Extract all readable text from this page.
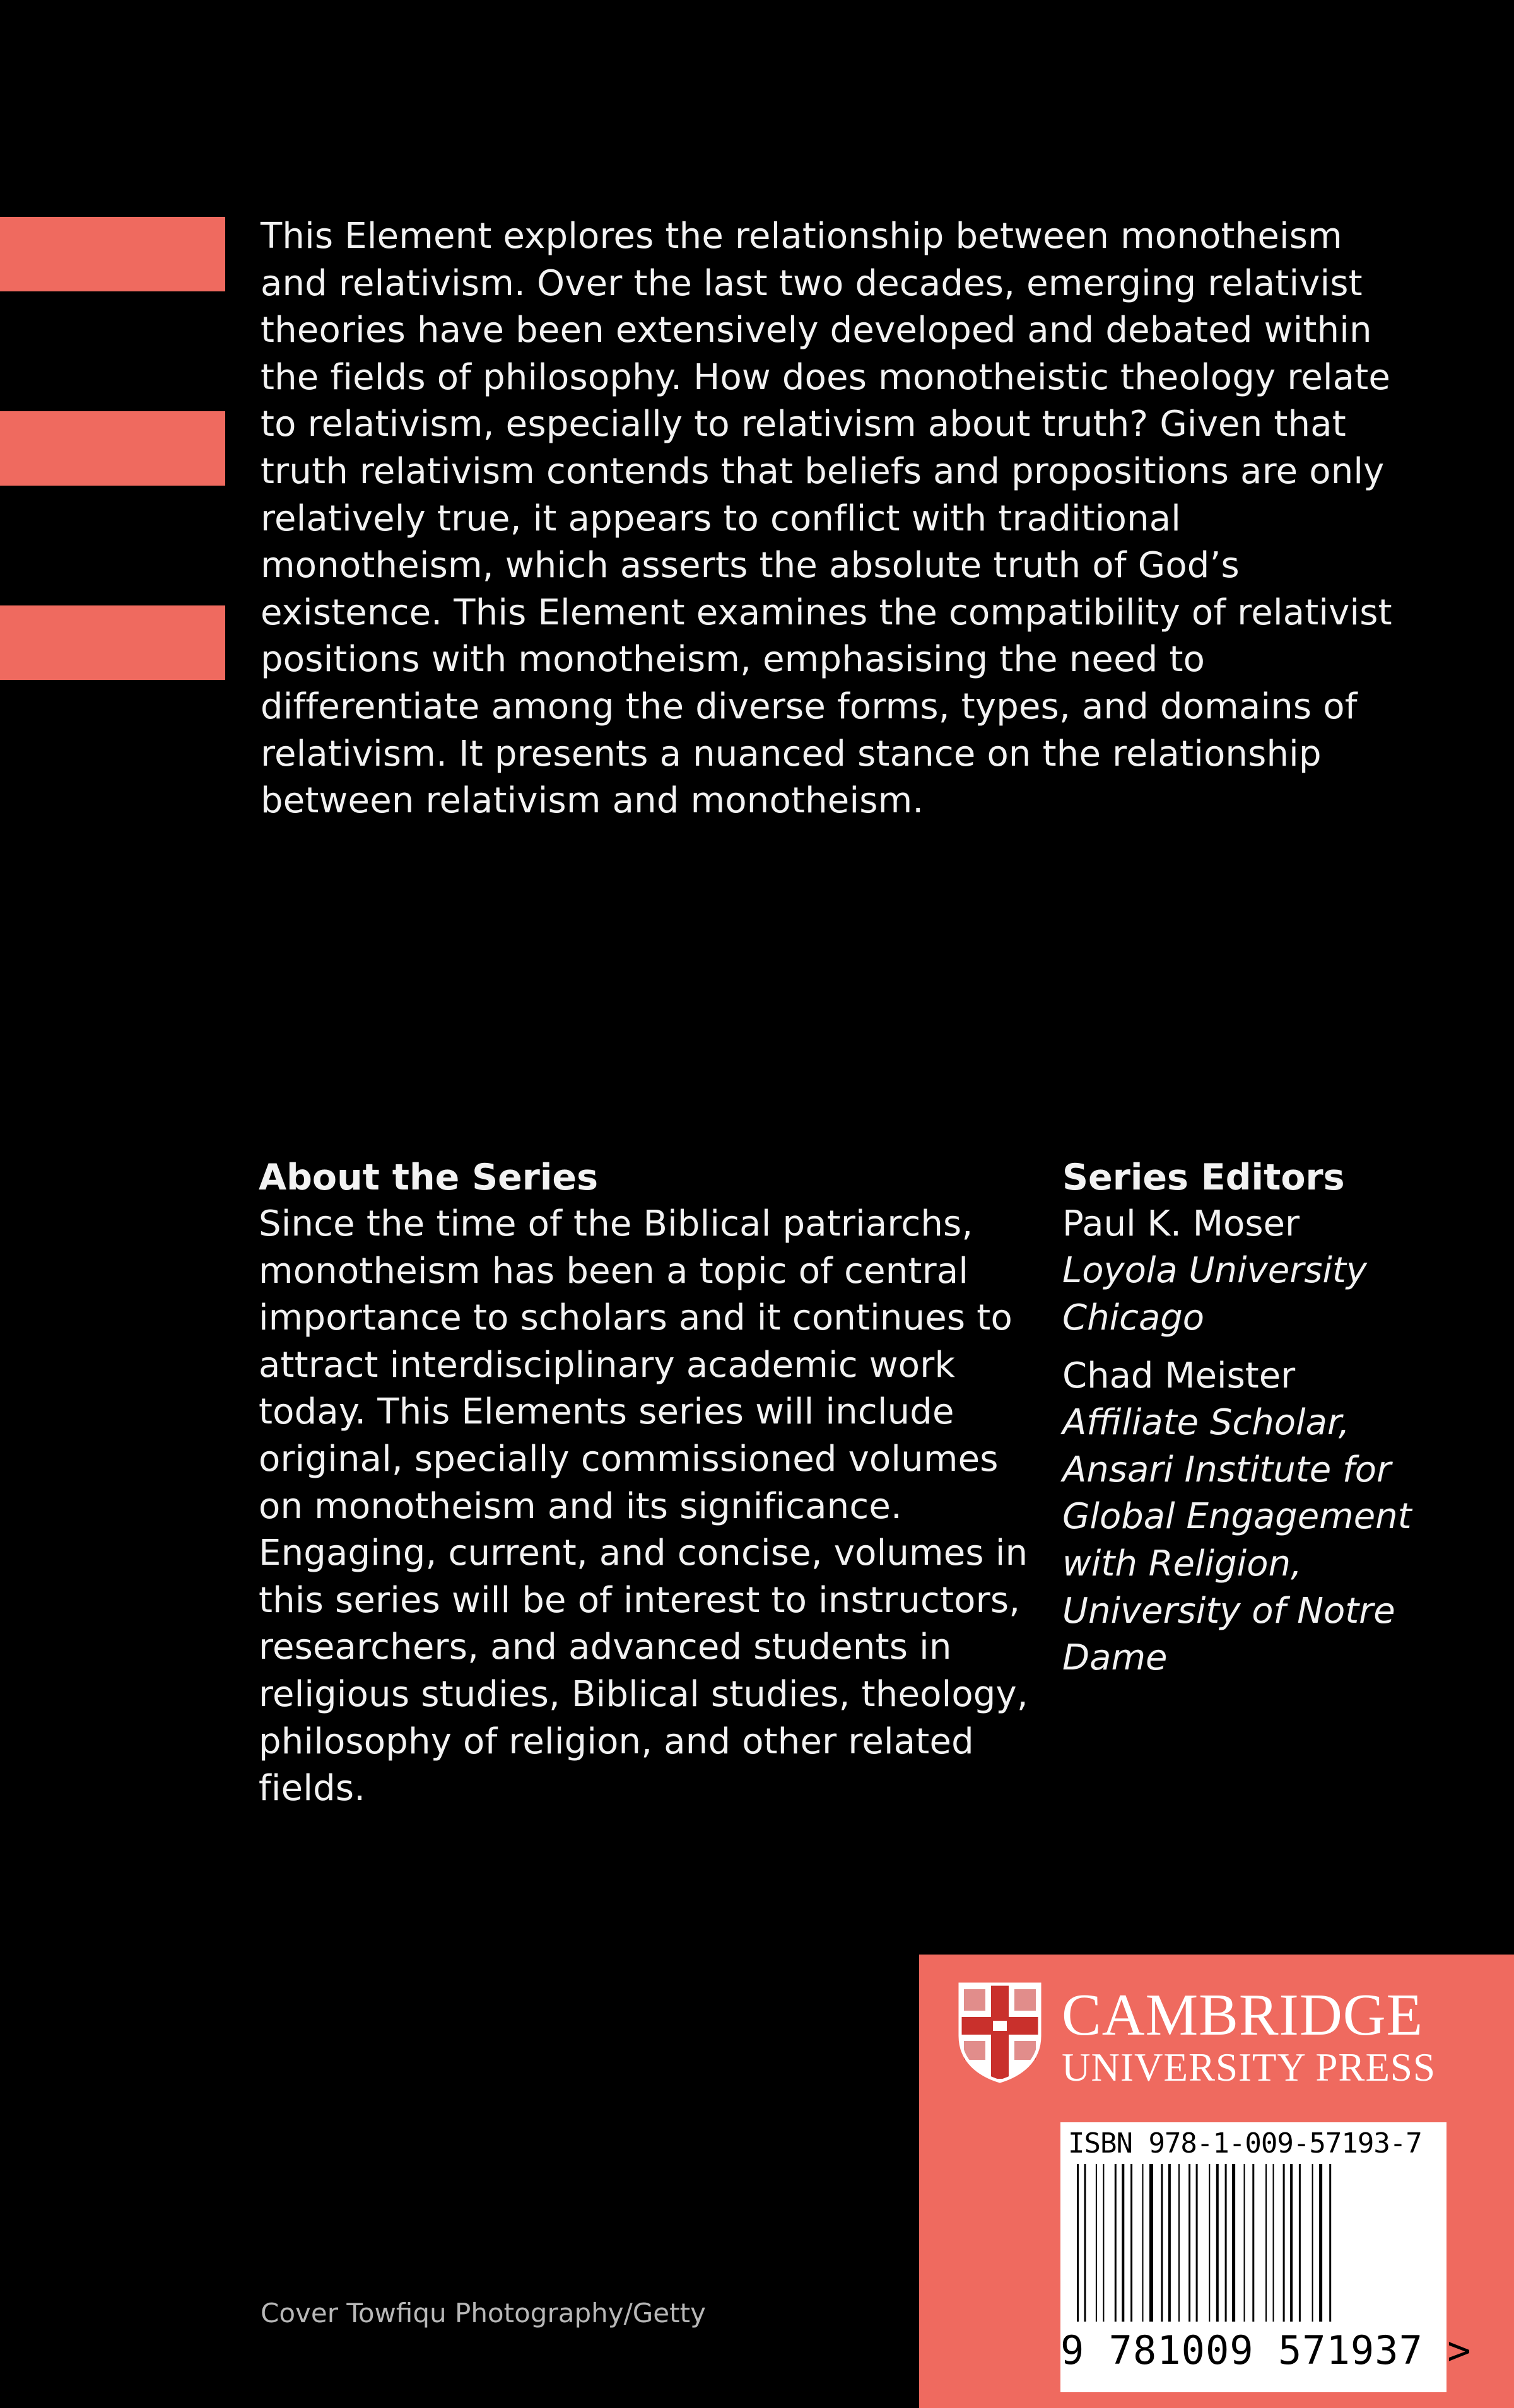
This Element explores the relationship between monotheism and relativism. Over the last two decades, emerging relativist theories have been extensively developed and debated within the fields of philosophy. How does monotheistic theology relate to relativism, especially to relativism about truth? Given that truth relativism contends that beliefs and propositions are only relatively true, it appears to conflict with traditional monotheism, which asserts the absolute truth of God’s existence. This Element examines the compatibility of relativist positions with monotheism, emphasising the need to differentiate among the diverse forms, types, and domains of relativism. It presents a nuanced stance on the relationship between relativism and monotheism.

About the Series

Since the time of the Biblical patriarchs, monotheism has been a topic of central importance to scholars and it continues to attract interdisciplinary academic work today. This Elements series will include original, specially commissioned volumes on monotheism and its significance. Engaging, current, and concise, volumes in this series will be of interest to instructors, researchers, and advanced students in religious studies, Biblical studies, theology, philosophy of religion, and other related fields.

Series Editors

Paul K. Moser

Loyola University Chicago

Chad Meister

Affiliate Scholar, Ansari Institute for Global Engagement with Religion, University of Notre Dame

Cover Towfiqu Photography/Getty
CAMBRIDGE
UNIVERSITY PRESS
ISBN 978-1-009-57193-7
9 781009 571937 >
